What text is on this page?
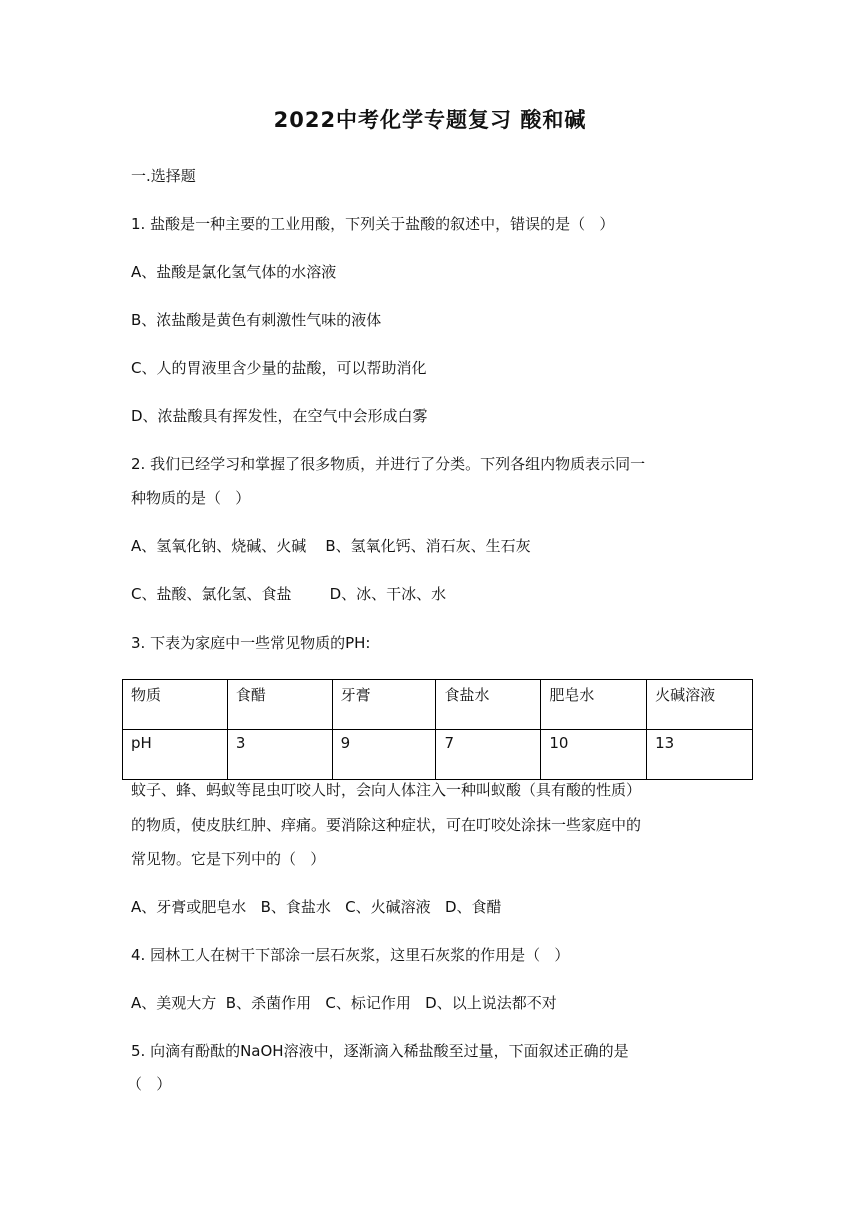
2022中考化学专题复习 酸和碱
一.选择题
1. 盐酸是一种主要的工业用酸，下列关于盐酸的叙述中，错误的是（   ）
A、盐酸是氯化氢气体的水溶液
B、浓盐酸是黄色有刺激性气味的液体
C、人的胃液里含少量的盐酸，可以帮助消化
D、浓盐酸具有挥发性，在空气中会形成白雾
2. 我们已经学习和掌握了很多物质，并进行了分类。下列各组内物质表示同一
种物质的是（   ）
A、氢氧化钠、烧碱、火碱    B、氢氧化钙、消石灰、生石灰
C、盐酸、氯化氢、食盐        D、冰、干冰、水
3. 下表为家庭中一些常见物质的PH:
物质	食醋	牙膏	食盐水	肥皂水	火碱溶液
pH	3	9	7	10	13
蚊子、蜂、蚂蚁等昆虫叮咬人时，会向人体注入一种叫蚁酸（具有酸的性质）
的物质，使皮肤红肿、痒痛。要消除这种症状，可在叮咬处涂抹一些家庭中的
常见物。它是下列中的（   ）
A、牙膏或肥皂水   B、食盐水   C、火碱溶液   D、食醋
4. 园林工人在树干下部涂一层石灰浆，这里石灰浆的作用是（   ）
A、美观大方  B、杀菌作用   C、标记作用   D、以上说法都不对
5. 向滴有酚酞的NaOH溶液中，逐渐滴入稀盐酸至过量，下面叙述正确的是
（   ）
